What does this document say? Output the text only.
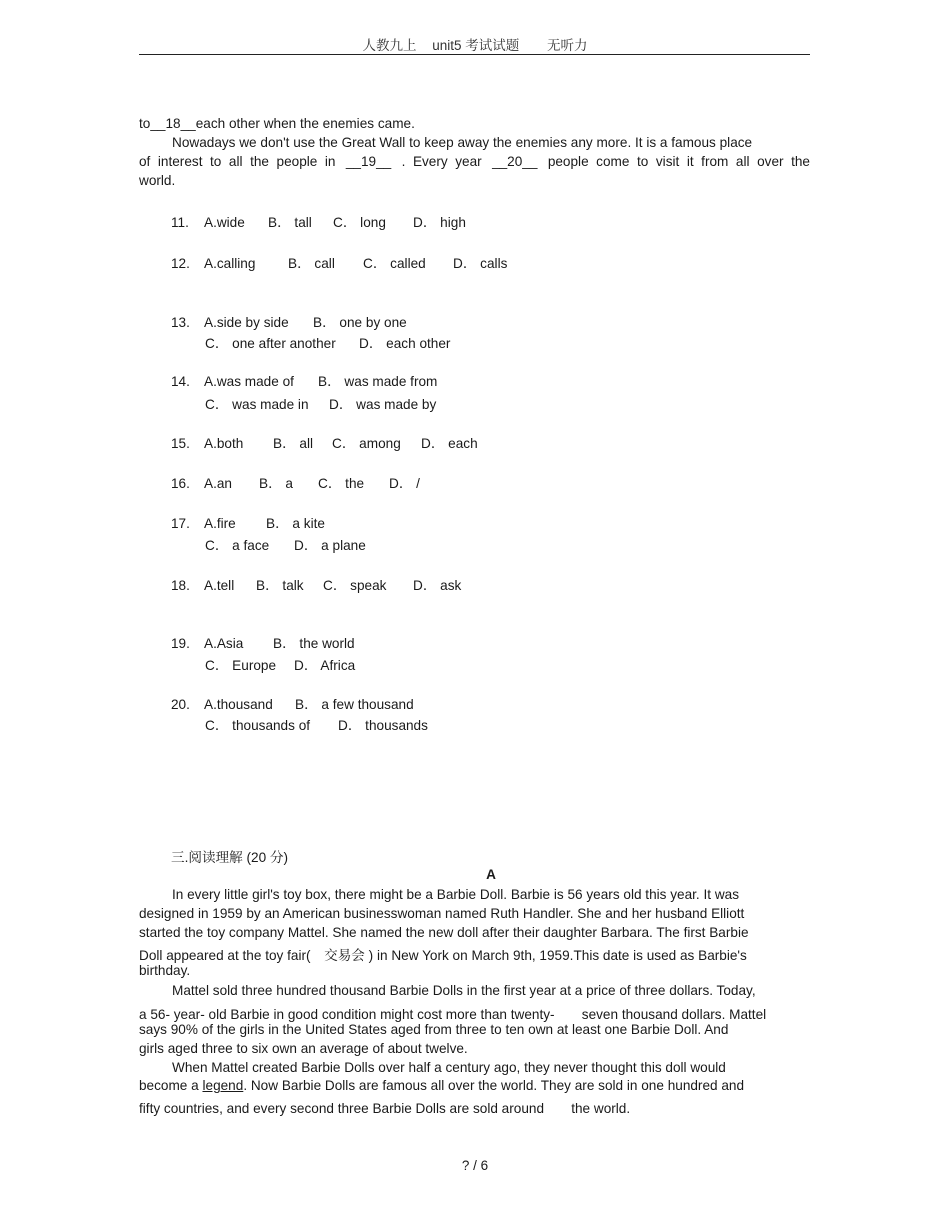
人教九上 unit5 考试试题 无听力
to__18__each other when the enemies came.
Nowadays we don't use the Great Wall to keep away the enemies any more. It is a famous place
of  interest  to  all  the  people  in __19__ .  Every  year __20__ people  come  to  visit  it  from  all  over  the
world.
11. A.wide B． tall C． long D． high
12. A.calling B． call C． called D． calls
13. A.side by side B． one by one
C． one after another D． each other
14. A.was made of B． was made from
C． was made in D． was made by
15. A.both B． all C． among D． each
16. A.an B． a C． the D． /
17. A.fire B． a kite
C． a face D． a plane
18. A.tell B． talk C． speak D． ask
19. A.Asia B． the world
C． Europe D． Africa
20. A.thousand B． a few thousand
C． thousands of D． thousands
三.阅读理解 (20 分)
A
In every little girl's toy box, there might be a Barbie Doll. Barbie is 56 years old this year. It was
designed in 1959 by an American businesswoman named Ruth Handler. She and her husband Elliott
started the toy company Mattel. She named the new doll after their daughter Barbara. The first Barbie
Doll appeared at the toy fair(　交易会 ) in New York on March 9th, 1959.This date is used as Barbie's
birthday.
Mattel sold three hundred thousand Barbie Dolls in the first year at a price of three dollars. Today,
a 56- year- old Barbie in good condition might cost more than twenty-　　seven thousand dollars. Mattel
says 90% of the girls in the United States aged from three to ten own at least one Barbie Doll. And
girls aged three to six own an average of about twelve.
When Mattel created Barbie Dolls over half a century ago, they never thought this doll would
become a legend. Now Barbie Dolls are famous all over the world. They are sold in one hundred and
fifty countries, and every second three Barbie Dolls are sold around　　the world.
? / 6
